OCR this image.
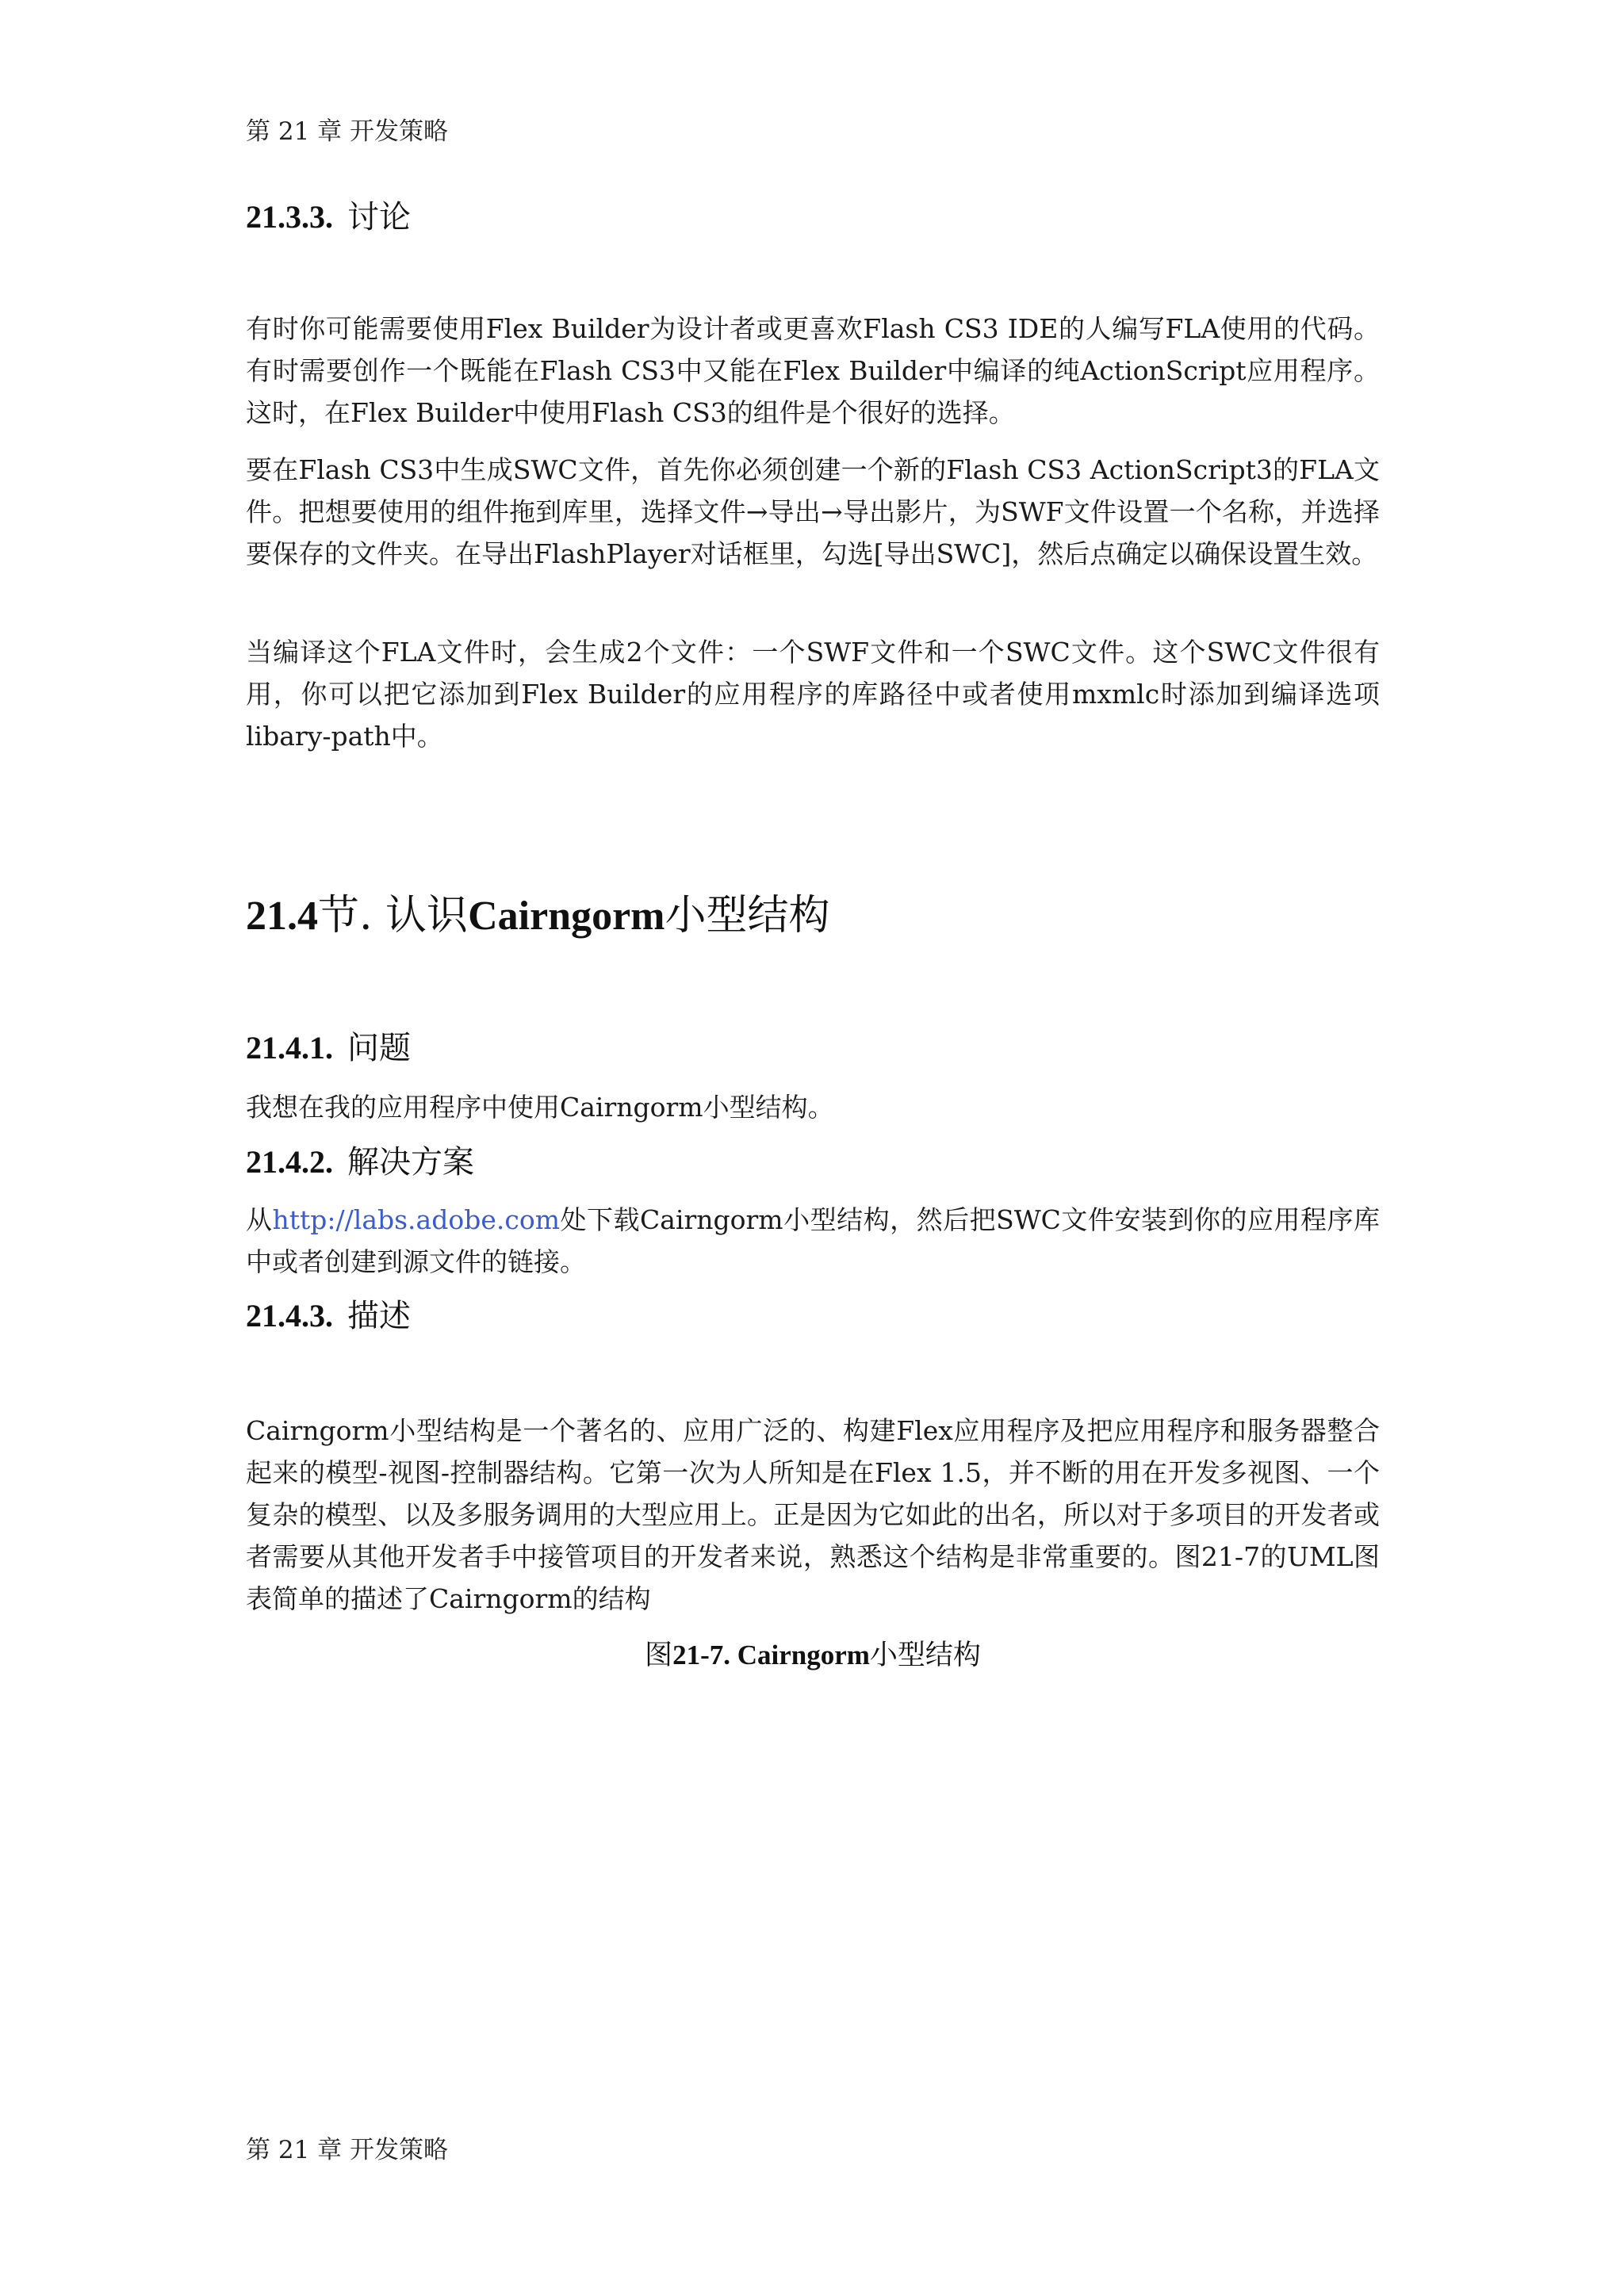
第 21 章 开发策略
21.3.3. 讨论

有时你可能需要使用Flex Builder为设计者或更喜欢Flash CS3 IDE的人编写FLA使用的代码。有时需要创作一个既能在Flash CS3中又能在Flex Builder中编译的纯ActionScript应用程序。这时，在Flex Builder中使用Flash CS3的组件是个很好的选择。

要在Flash CS3中生成SWC文件，首先你必须创建一个新的Flash CS3 ActionScript3的FLA文件。把想要使用的组件拖到库里，选择文件→导出→导出影片，为SWF文件设置一个名称，并选择要保存的文件夹。在导出FlashPlayer对话框里，勾选[导出SWC]，然后点确定以确保设置生效。

当编译这个FLA文件时，会生成2个文件：一个SWF文件和一个SWC文件。这个SWC文件很有用，你可以把它添加到Flex Builder的应用程序的库路径中或者使用mxmlc时添加到编译选项libary-path中。

21.4节. 认识Cairngorm小型结构
21.4.1. 问题

我想在我的应用程序中使用Cairngorm小型结构。

21.4.2. 解决方案

从http://labs.adobe.com处下载Cairngorm小型结构，然后把SWC文件安装到你的应用程序库中或者创建到源文件的链接。

21.4.3. 描述

Cairngorm小型结构是一个著名的、应用广泛的、构建Flex应用程序及把应用程序和服务器整合起来的模型-视图-控制器结构。它第一次为人所知是在Flex 1.5，并不断的用在开发多视图、一个复杂的模型、以及多服务调用的大型应用上。正是因为它如此的出名，所以对于多项目的开发者或者需要从其他开发者手中接管项目的开发者来说，熟悉这个结构是非常重要的。图21-7的UML图表简单的描述了Cairngorm的结构

图21-7. Cairngorm小型结构
第 21 章 开发策略
